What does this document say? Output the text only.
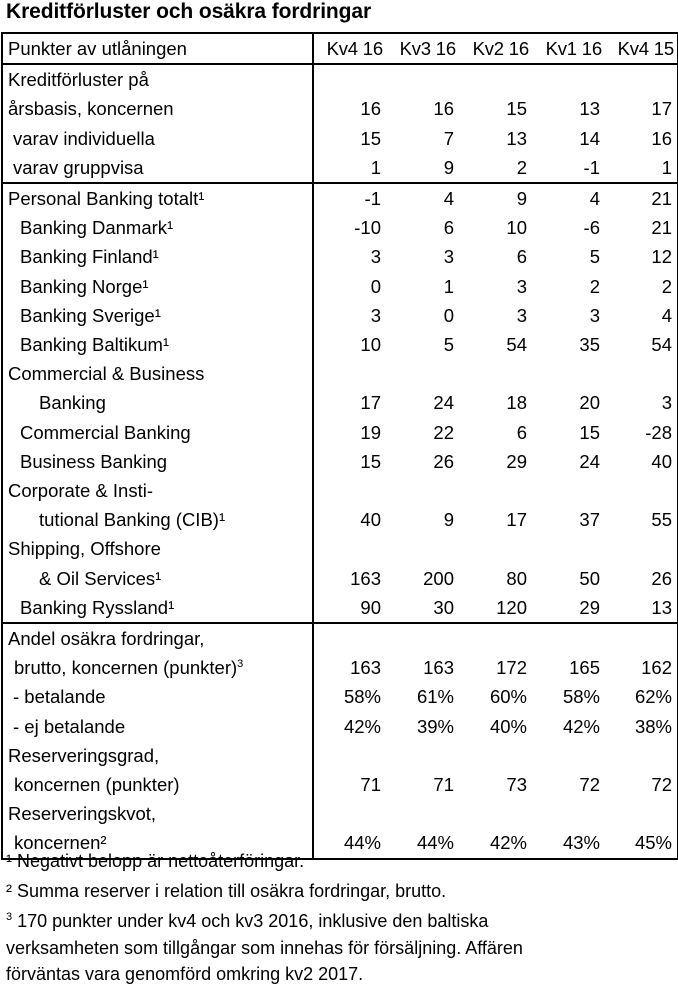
Kreditförluster och osäkra fordringar
Punkter av utlåningen	Kv4 16	Kv3 16	Kv2 16	Kv1 16	Kv4 15
Kreditförluster på					
årsbasis, koncernen	16	16	15	13	17
varav individuella	15	7	13	14	16
varav gruppvisa	1	9	2	-1	1
Personal Banking totalt¹	-1	4	9	4	21
Banking Danmark¹	-10	6	10	-6	21
Banking Finland¹	3	3	6	5	12
Banking Norge¹	0	1	3	2	2
Banking Sverige¹	3	0	3	3	4
Banking Baltikum¹	10	5	54	35	54
Commercial & Business					
Banking	17	24	18	20	3
Commercial Banking	19	22	6	15	-28
Business Banking	15	26	29	24	40
Corporate & Insti-					
tutional Banking (CIB)¹	40	9	17	37	55
Shipping, Offshore					
& Oil Services¹	163	200	80	50	26
Banking Ryssland¹	90	30	120	29	13
Andel osäkra fordringar,					
brutto, koncernen (punkter)$^3$	163	163	172	165	162
- betalande	58%	61%	60%	58%	62%
- ej betalande	42%	39%	40%	42%	38%
Reserveringsgrad,					
koncernen (punkter)	71	71	73	72	72
Reserveringskvot,					
koncernen²	44%	44%	42%	43%	45%
¹ Negativt belopp är nettoåterföringar.
² Summa reserver i relation till osäkra fordringar, brutto.
$^3$ 170 punkter under kv4 och kv3 2016, inklusive den baltiska
verksamheten som tillgångar som innehas för försäljning. Affären
förväntas vara genomförd omkring kv2 2017.
